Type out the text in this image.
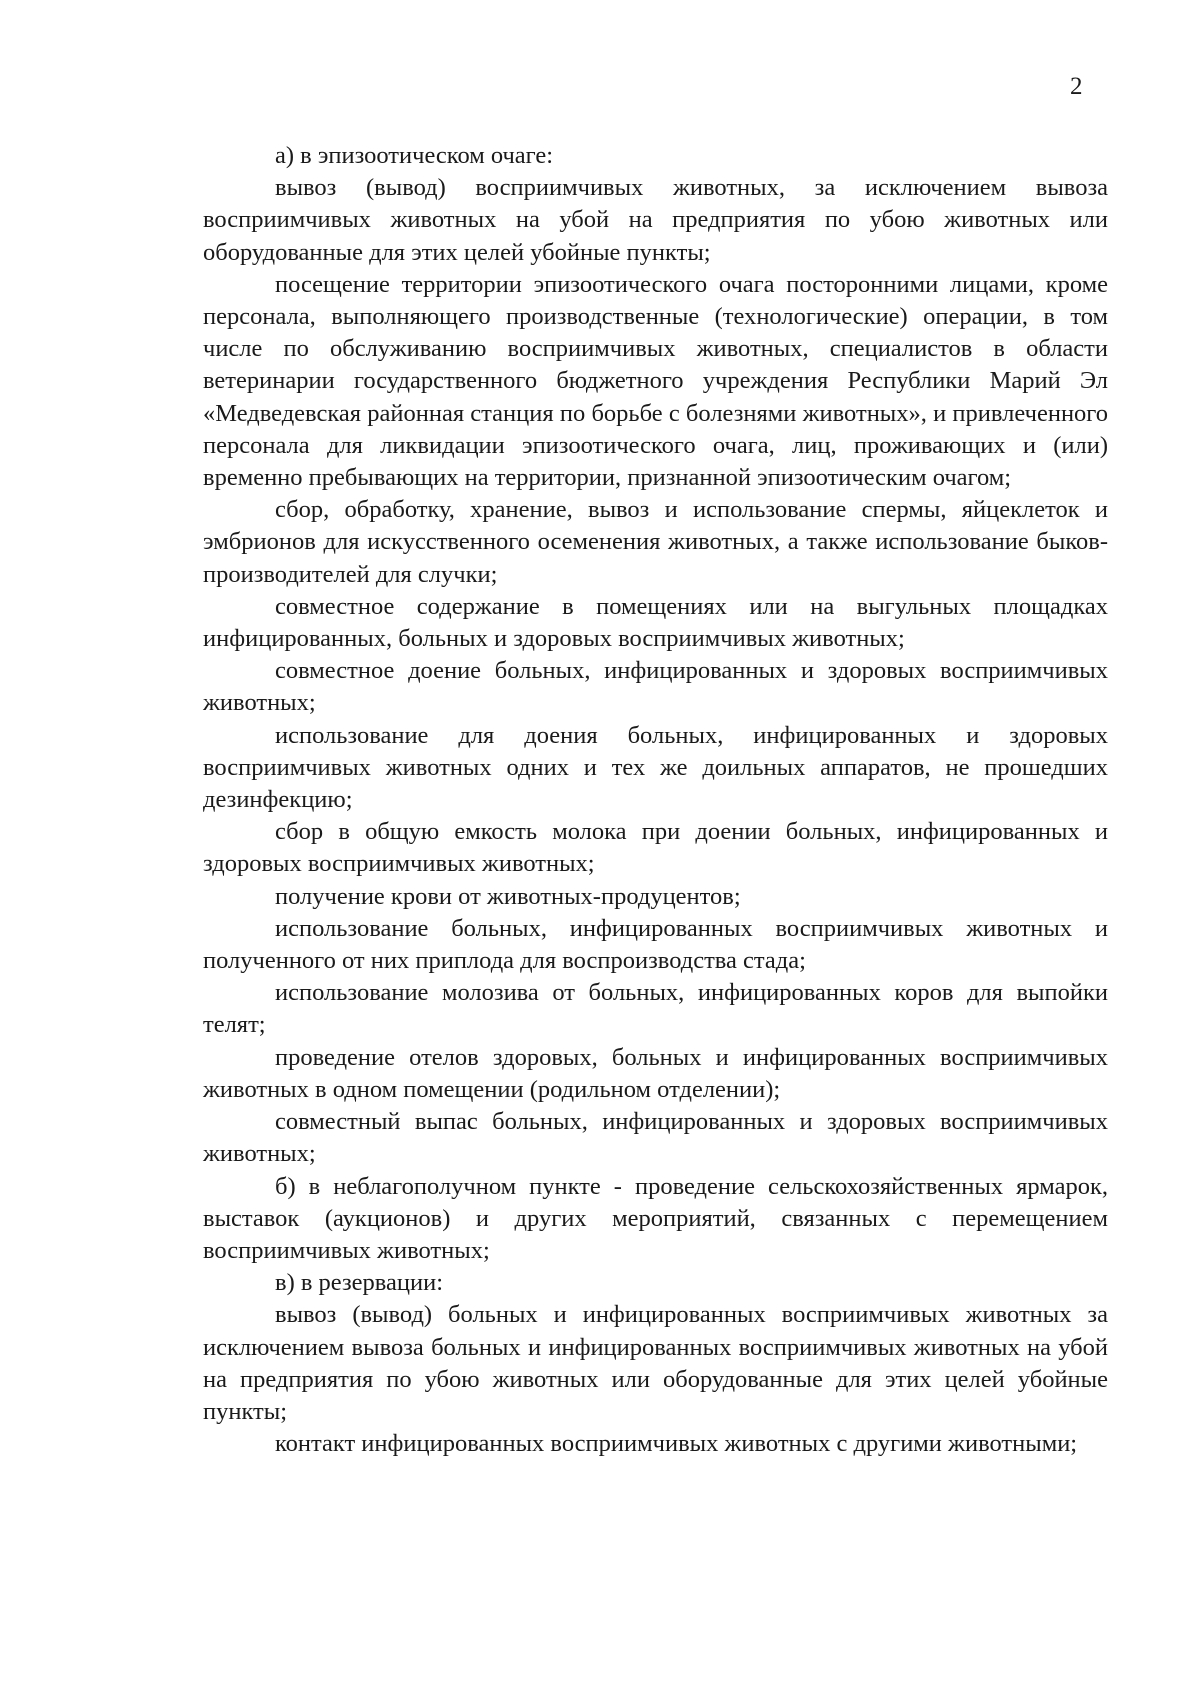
2

а) в эпизоотическом очаге:

вывоз (вывод) восприимчивых животных, за исключением вывоза восприимчивых животных на убой на предприятия по убою животных или оборудованные для этих целей убойные пункты;

посещение территории эпизоотического очага посторонними лицами, кроме персонала, выполняющего производственные (технологические) операции, в том числе по обслуживанию восприимчивых животных, специалистов в области ветеринарии государственного бюджетного учреждения Республики Марий Эл «Медведевская районная станция по борьбе с болезнями животных», и привлеченного персонала для ликвидации эпизоотического очага, лиц, проживающих и (или) временно пребывающих на территории, признанной эпизоотическим очагом;

сбор, обработку, хранение, вывоз и использование спермы, яйцеклеток и эмбрионов для искусственного осеменения животных, а также использование быков-производителей для случки;

совместное содержание в помещениях или на выгульных площадках инфицированных, больных и здоровых восприимчивых животных;

совместное доение больных, инфицированных и здоровых восприимчивых животных;

использование для доения больных, инфицированных и здоровых восприимчивых животных одних и тех же доильных аппаратов, не прошедших дезинфекцию;

сбор в общую емкость молока при доении больных, инфицированных и здоровых восприимчивых животных;

получение крови от животных-продуцентов;

использование больных, инфицированных восприимчивых животных и полученного от них приплода для воспроизводства стада;

использование молозива от больных, инфицированных коров для выпойки телят;

проведение отелов здоровых, больных и инфицированных восприимчивых животных в одном помещении (родильном отделении);

совместный выпас больных, инфицированных и здоровых восприимчивых животных;

б) в неблагополучном пункте - проведение сельскохозяйственных ярмарок, выставок (аукционов) и других мероприятий, связанных с перемещением восприимчивых животных;

в) в резервации:

вывоз (вывод) больных и инфицированных восприимчивых животных за исключением вывоза больных и инфицированных восприимчивых животных на убой на предприятия по убою животных или оборудованные для этих целей убойные пункты;

контакт инфицированных восприимчивых животных с другими животными;
